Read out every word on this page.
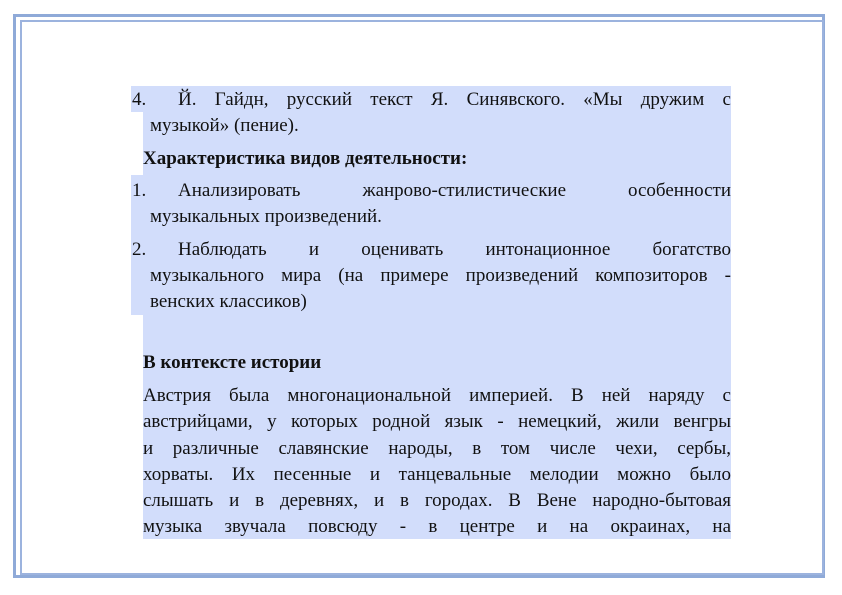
4. Й. Гайдн, русский текст Я. Синявского. «Мы дружим с
музыкой» (пение).
Характеристика видов деятельности:
1. Анализировать жанрово-стилистические особенности
музыкальных произведений.
2. Наблюдать и оценивать интонационное богатство
музыкального мира (на примере произведений композиторов -
венских классиков)
В контексте истории
Австрия была многонациональной империей. В ней наряду с
австрийцами, у которых родной язык - немецкий, жили венгры
и различные славянские народы, в том числе чехи, сербы,
хорваты. Их песенные и танцевальные мелодии можно было
слышать и в деревнях, и в городах. В Вене народно-бытовая
музыка звучала повсюду - в центре и на окраинах, на
